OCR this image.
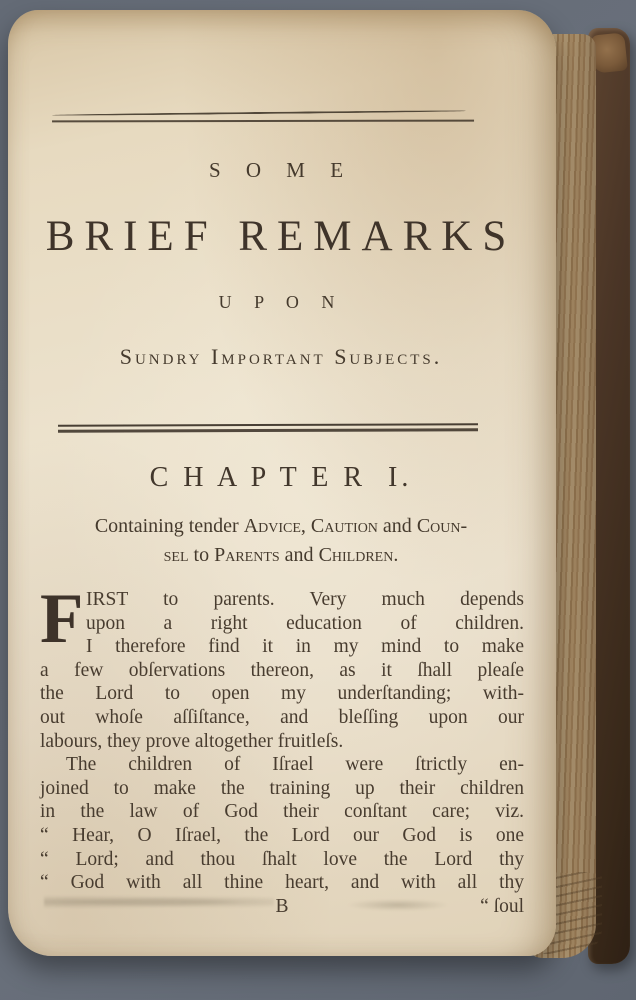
S O M E
BRIEF REMARKS
U P O N
Sundry Important Subjects.
C H A P T E R  I.
Containing tender Advice, Caution and Coun-
sel to Parents and Children.
F IRST to parents. Very much depends
upon a right education of children.
I therefore find it in my mind to make
a few obſervations thereon, as it ſhall pleaſe
the Lord to open my underſtanding; with-
out whoſe aſſiſtance, and bleſſing upon our
labours, they prove altogether fruitleſs.
The children of Iſrael were ſtrictly en-
joined to make the training up their children
in the law of God their conſtant care; viz.
“ Hear, O Iſrael, the Lord our God is one
“ Lord; and thou ſhalt love the Lord thy
“ God with all thine heart, and with all thy
B	“ ſoul
